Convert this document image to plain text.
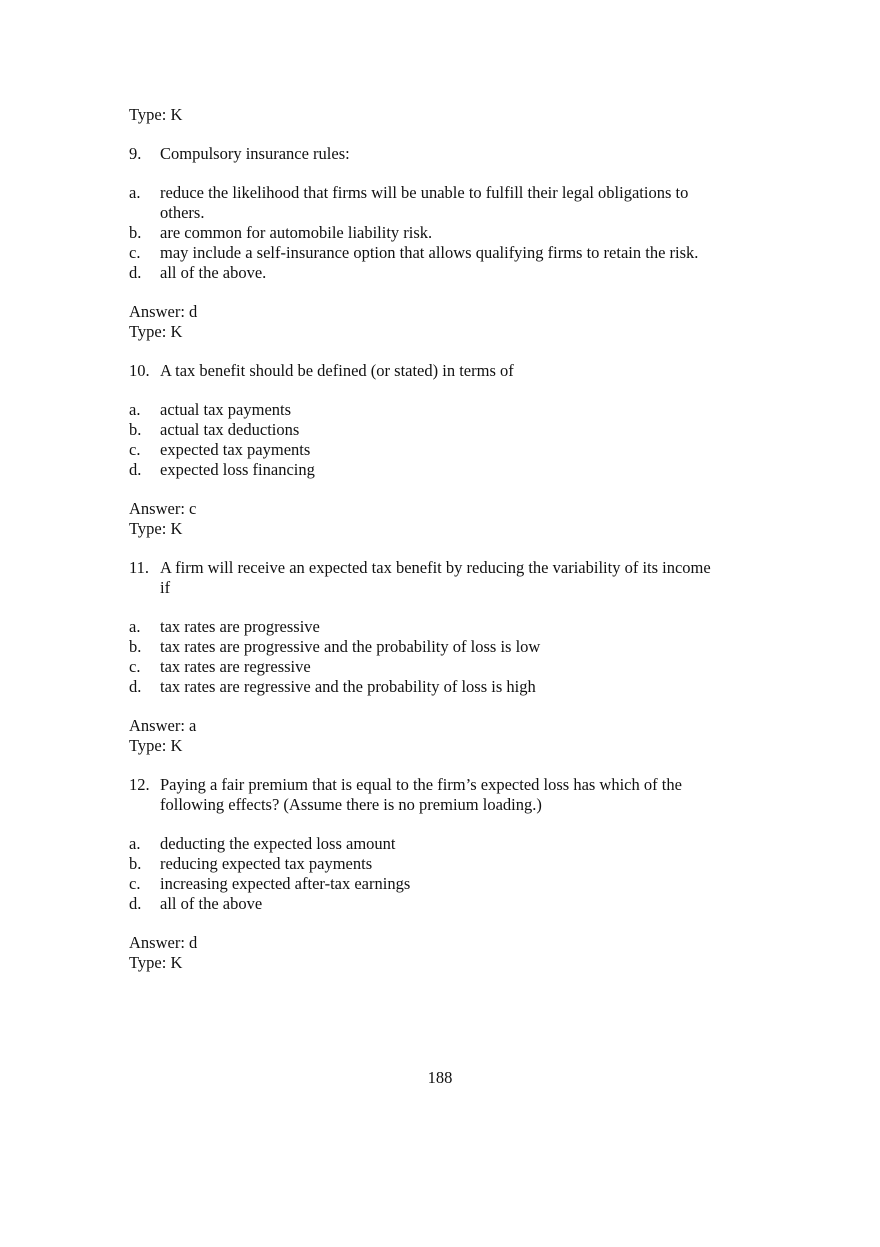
Type: K
9.	Compulsory insurance rules:
a.	reduce the likelihood that firms will be unable to fulfill their legal obligations to
others.
b.	are common for automobile liability risk.
c.	may include a self-insurance option that allows qualifying firms to retain the risk.
d.	all of the above.
Answer: d
Type: K
10. A tax benefit should be defined (or stated) in terms of
a.	actual tax payments
b.	actual tax deductions
c.	expected tax payments
d.	expected loss financing
Answer: c
Type: K
11. A firm will receive an expected tax benefit by reducing the variability of its income
if
a.	tax rates are progressive
b.	tax rates are progressive and the probability of loss is low
c.	tax rates are regressive
d.	tax rates are regressive and the probability of loss is high
Answer: a
Type: K
12. Paying a fair premium that is equal to the firm’s expected loss has which of the
following effects? (Assume there is no premium loading.)
a.	deducting the expected loss amount
b.	reducing expected tax payments
c.	increasing expected after-tax earnings
d.	all of the above
Answer: d
Type: K
188
